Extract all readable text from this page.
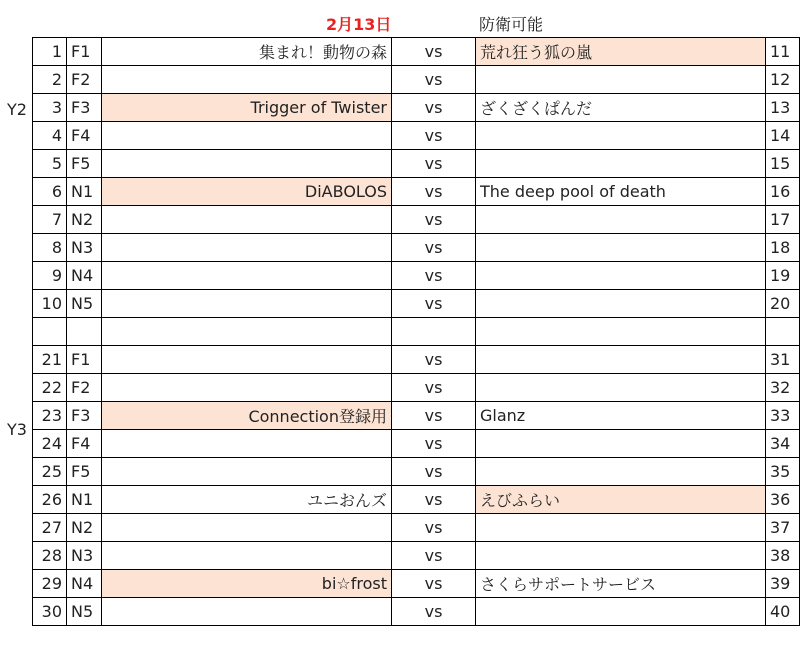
2月13日	防衛可能
Y2
Y3
1	F1	集まれ！動物の森	vs	荒れ狂う狐の嵐	11
2	F2		vs		12
3	F3	Trigger of Twister	vs	ざくざくぱんだ	13
4	F4		vs		14
5	F5		vs		15
6	N1	DiABOLOS	vs	The deep pool of death	16
7	N2		vs		17
8	N3		vs		18
9	N4		vs		19
10	N5		vs		20

21	F1		vs		31
22	F2		vs		32
23	F3	Connection登録用	vs	Glanz	33
24	F4		vs		34
25	F5		vs		35
26	N1	ユニおんズ	vs	えびふらい	36
27	N2		vs		37
28	N3		vs		38
29	N4	bi☆frost	vs	さくらサポートサービス	39
30	N5		vs		40
